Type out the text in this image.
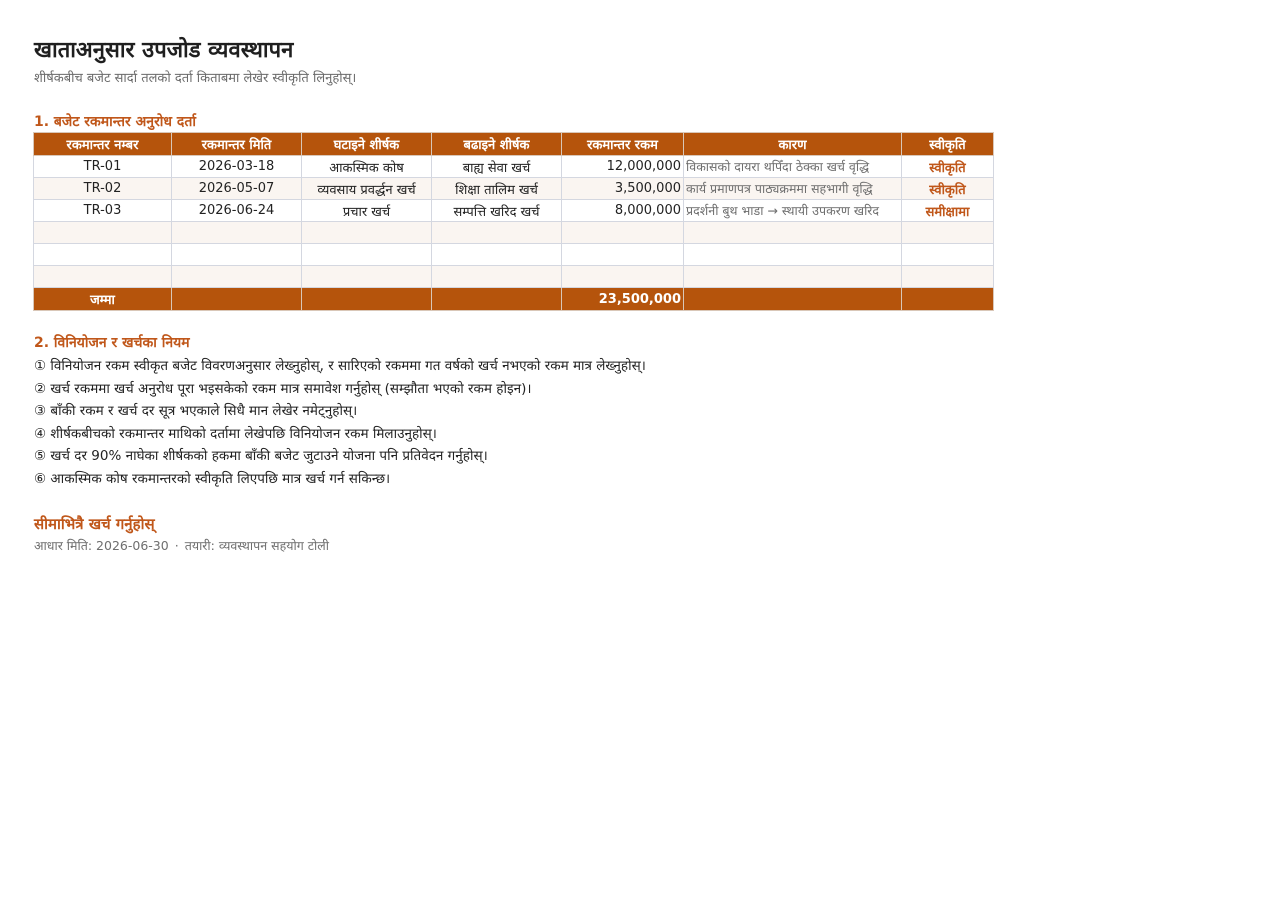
खाताअनुसार उपजोड व्यवस्थापन
शीर्षकबीच बजेट सार्दा तलको दर्ता किताबमा लेखेर स्वीकृति लिनुहोस्।
1. बजेट रकमान्तर अनुरोध दर्ता
रकमान्तर नम्बर	रकमान्तर मिति	घटाइने शीर्षक	बढाइने शीर्षक	रकमान्तर रकम	कारण	स्वीकृति
TR-01	2026-03-18	आकस्मिक कोष	बाह्य सेवा खर्च	12,000,000	विकासको दायरा थपिँदा ठेक्का खर्च वृद्धि	स्वीकृति
TR-02	2026-05-07	व्यवसाय प्रवर्द्धन खर्च	शिक्षा तालिम खर्च	3,500,000	कार्य प्रमाणपत्र पाठ्यक्रममा सहभागी वृद्धि	स्वीकृति
TR-03	2026-06-24	प्रचार खर्च	सम्पत्ति खरिद खर्च	8,000,000	प्रदर्शनी बुथ भाडा → स्थायी उपकरण खरिद	समीक्षामा

जम्मा				23,500,000		
2. विनियोजन र खर्चका नियम
① विनियोजन रकम स्वीकृत बजेट विवरणअनुसार लेख्नुहोस्, र सारिएको रकममा गत वर्षको खर्च नभएको रकम मात्र लेख्नुहोस्।
② खर्च रकममा खर्च अनुरोध पूरा भइसकेको रकम मात्र समावेश गर्नुहोस् (सम्झौता भएको रकम होइन)।
③ बाँकी रकम र खर्च दर सूत्र भएकाले सिधै मान लेखेर नमेट्नुहोस्।
④ शीर्षकबीचको रकमान्तर माथिको दर्तामा लेखेपछि विनियोजन रकम मिलाउनुहोस्।
⑤ खर्च दर 90% नाघेका शीर्षकको हकमा बाँकी बजेट जुटाउने योजना पनि प्रतिवेदन गर्नुहोस्।
⑥ आकस्मिक कोष रकमान्तरको स्वीकृति लिएपछि मात्र खर्च गर्न सकिन्छ।
सीमाभित्रै खर्च गर्नुहोस्
आधार मिति: 2026-06-30 · तयारी: व्यवस्थापन सहयोग टोली
